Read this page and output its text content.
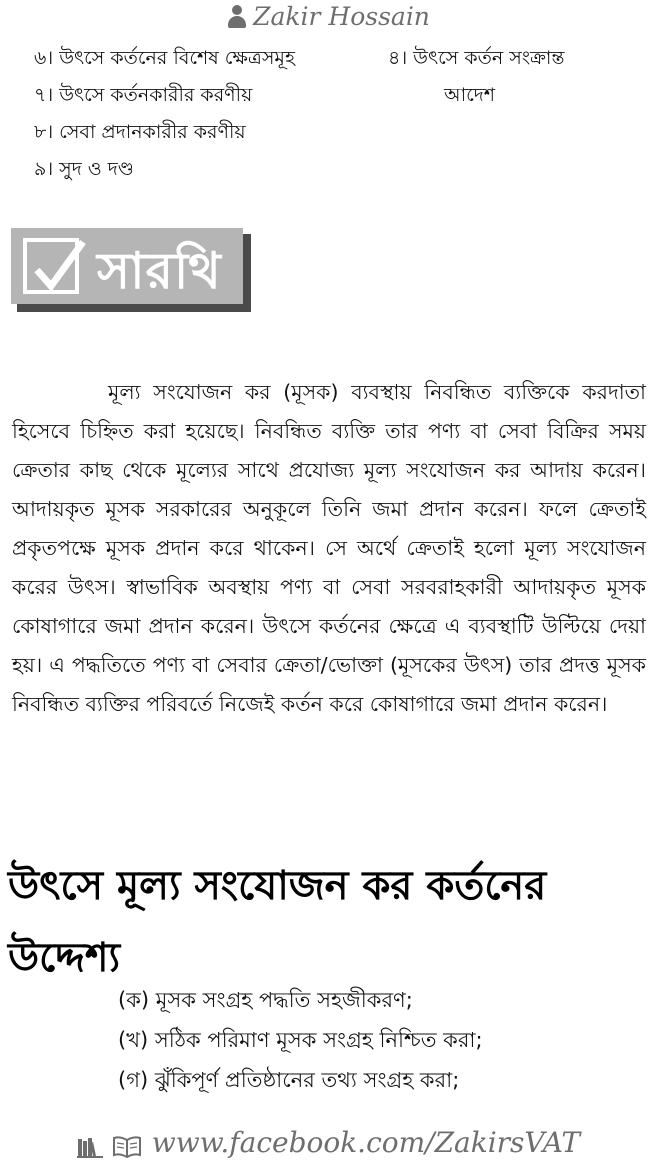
Zakir Hossain
৬। উৎসে কর্তনের বিশেষ ক্ষেত্রসমূহ
৭। উৎসে কর্তনকারীর করণীয়
৮। সেবা প্রদানকারীর করণীয়
৯। সুদ ও দণ্ড
৪। উৎসে কর্তন সংক্রান্ত
আদেশ
সারথি

মূল্য সংযোজন কর (মূসক) ব্যবস্থায় নিবন্ধিত ব্যক্তিকে করদাতা হিসেবে চিহ্নিত করা হয়েছে। নিবন্ধিত ব্যক্তি তার পণ্য বা সেবা বিক্রির সময় ক্রেতার কাছ থেকে মূল্যের সাথে প্রযোজ্য মূল্য সংযোজন কর আদায় করেন। আদায়কৃত মূসক সরকারের অনুকূলে তিনি জমা প্রদান করেন। ফলে ক্রেতাই প্রকৃতপক্ষে মূসক প্রদান করে থাকেন। সে অর্থে ক্রেতাই হলো মূল্য সংযোজন করের উৎস। স্বাভাবিক অবস্থায় পণ্য বা সেবা সরবরাহকারী আদায়কৃত মূসক কোষাগারে জমা প্রদান করেন। উৎসে কর্তনের ক্ষেত্রে এ ব্যবস্থাটি উল্টিয়ে দেয়া হয়। এ পদ্ধতিতে পণ্য বা সেবার ক্রেতা/ভোক্তা (মূসকের উৎস) তার প্রদত্ত মূসক নিবন্ধিত ব্যক্তির পরিবর্তে নিজেই কর্তন করে কোষাগারে জমা প্রদান করেন।

উৎসে মূল্য সংযোজন কর কর্তনের উদ্দেশ্য
(ক) মূসক সংগ্রহ পদ্ধতি সহজীকরণ;
(খ) সঠিক পরিমাণ মূসক সংগ্রহ নিশ্চিত করা;
(গ) ঝুঁকিপূর্ণ প্রতিষ্ঠানের তথ্য সংগ্রহ করা;
www.facebook.com/ZakirsVAT
